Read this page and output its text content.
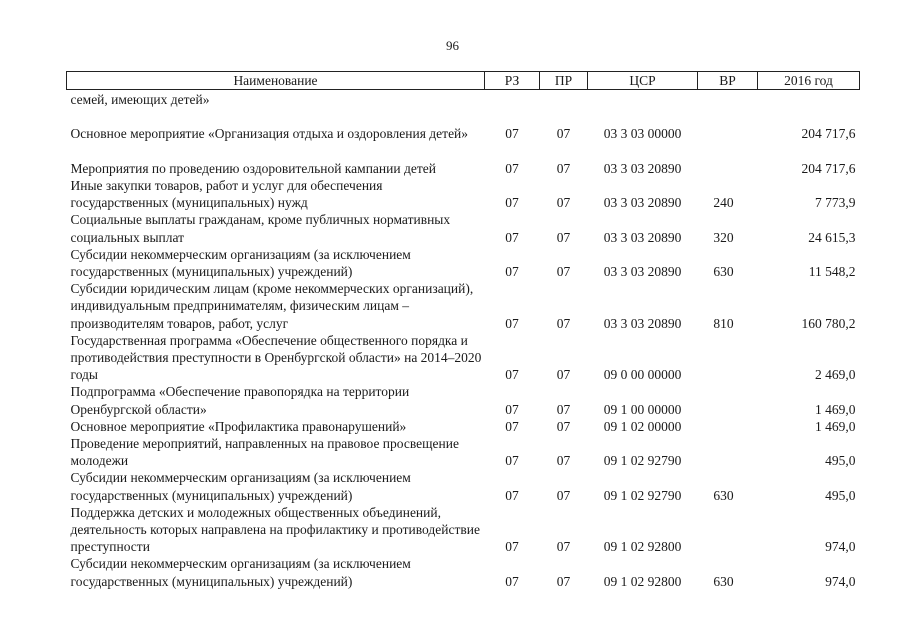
96
Наименование	РЗ	ПР	ЦСР	ВР	2016 год
семей, имеющих детей»					
Основное мероприятие «Организация отдыха и оздоровления детей»	07	07	03 3 03 00000		204 717,6
Мероприятия по проведению оздоровительной кампании детей	07	07	03 3 03 20890		204 717,6
Иные закупки товаров, работ и услуг для обеспечения государственных (муниципальных) нужд	07	07	03 3 03 20890	240	7 773,9
Социальные выплаты гражданам, кроме публичных нормативных социальных выплат	07	07	03 3 03 20890	320	24 615,3
Субсидии некоммерческим организациям (за исключением государственных (муниципальных) учреждений)	07	07	03 3 03 20890	630	11 548,2
Субсидии юридическим лицам (кроме некоммерческих организаций), индивидуальным предпринимателям, физическим лицам – производителям товаров, работ, услуг	07	07	03 3 03 20890	810	160 780,2
Государственная программа «Обеспечение общественного порядка и противодействия преступности в Оренбургской области» на 2014–2020 годы	07	07	09 0 00 00000		2 469,0
Подпрограмма «Обеспечение правопорядка на территории Оренбургской области»	07	07	09 1 00 00000		1 469,0
Основное мероприятие «Профилактика правонарушений»	07	07	09 1 02 00000		1 469,0
Проведение мероприятий, направленных на правовое просвещение молодежи	07	07	09 1 02 92790		495,0
Субсидии некоммерческим организациям (за исключением государственных (муниципальных) учреждений)	07	07	09 1 02 92790	630	495,0
Поддержка детских и молодежных общественных объединений, деятельность которых направлена на профилактику и противодействие преступности	07	07	09 1 02 92800		974,0
Субсидии некоммерческим организациям (за исключением государственных (муниципальных) учреждений)	07	07	09 1 02 92800	630	974,0
